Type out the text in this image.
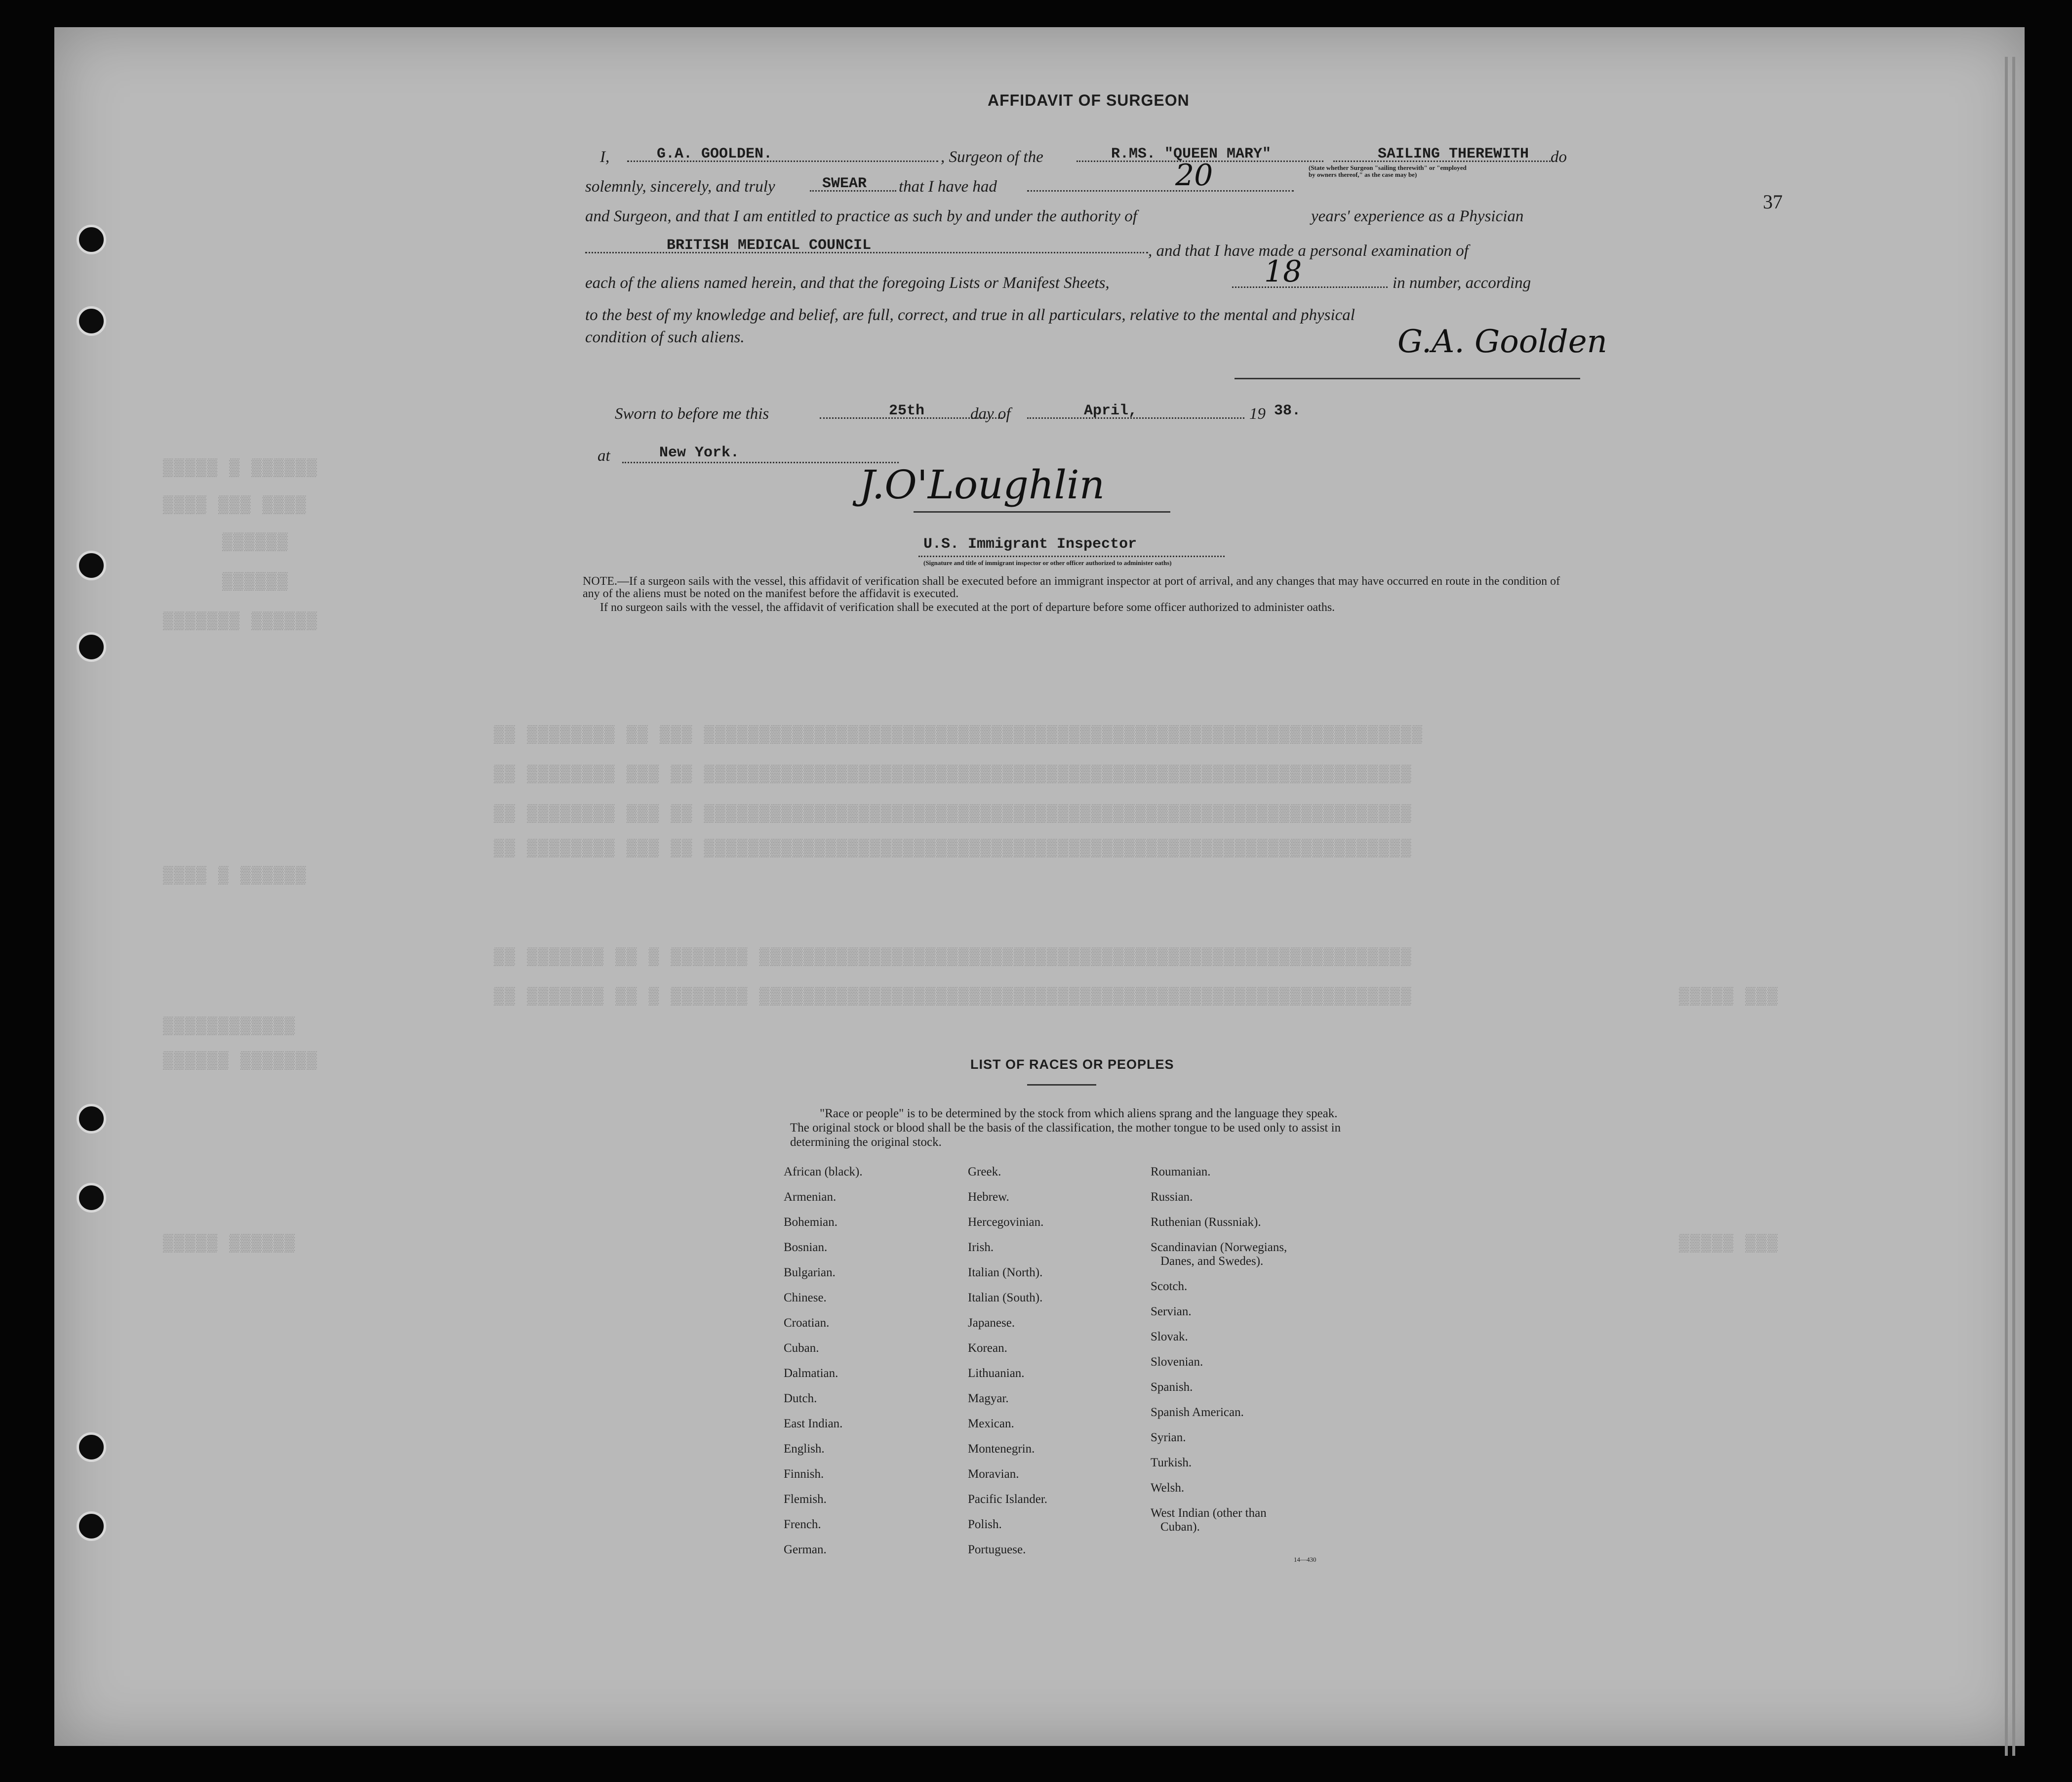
▒▒▒▒▒ ▒ ▒▒▒▒▒▒
▒▒▒▒ ▒▒▒ ▒▒▒▒
▒▒▒▒▒▒
▒▒▒▒▒▒
▒▒▒▒▒▒▒ ▒▒▒▒▒▒
▒▒ ▒▒▒▒▒▒▒▒ ▒▒ ▒▒▒ ▒▒▒▒▒▒▒▒▒▒▒▒▒▒▒▒▒▒▒▒▒▒▒▒▒▒▒▒▒▒▒▒▒▒▒▒▒▒▒▒▒▒▒▒▒▒▒▒▒▒▒▒▒▒▒▒▒▒▒▒▒▒▒▒▒
▒▒ ▒▒▒▒▒▒▒▒ ▒▒▒ ▒▒ ▒▒▒▒▒▒▒▒▒▒▒▒▒▒▒▒▒▒▒▒▒▒▒▒▒▒▒▒▒▒▒▒▒▒▒▒▒▒▒▒▒▒▒▒▒▒▒▒▒▒▒▒▒▒▒▒▒▒▒▒▒▒▒▒
▒▒ ▒▒▒▒▒▒▒▒ ▒▒▒ ▒▒ ▒▒▒▒▒▒▒▒▒▒▒▒▒▒▒▒▒▒▒▒▒▒▒▒▒▒▒▒▒▒▒▒▒▒▒▒▒▒▒▒▒▒▒▒▒▒▒▒▒▒▒▒▒▒▒▒▒▒▒▒▒▒▒▒
▒▒ ▒▒▒▒▒▒▒▒ ▒▒▒ ▒▒ ▒▒▒▒▒▒▒▒▒▒▒▒▒▒▒▒▒▒▒▒▒▒▒▒▒▒▒▒▒▒▒▒▒▒▒▒▒▒▒▒▒▒▒▒▒▒▒▒▒▒▒▒▒▒▒▒▒▒▒▒▒▒▒▒
▒▒▒▒ ▒ ▒▒▒▒▒▒
▒▒ ▒▒▒▒▒▒▒ ▒▒ ▒ ▒▒▒▒▒▒▒ ▒▒▒▒▒▒▒▒▒▒▒▒▒▒▒▒▒▒▒▒▒▒▒▒▒▒▒▒▒▒▒▒▒▒▒▒▒▒▒▒▒▒▒▒▒▒▒▒▒▒▒▒▒▒▒▒▒▒▒
▒▒ ▒▒▒▒▒▒▒ ▒▒ ▒ ▒▒▒▒▒▒▒ ▒▒▒▒▒▒▒▒▒▒▒▒▒▒▒▒▒▒▒▒▒▒▒▒▒▒▒▒▒▒▒▒▒▒▒▒▒▒▒▒▒▒▒▒▒▒▒▒▒▒▒▒▒▒▒▒▒▒▒
▒▒▒▒▒▒▒▒▒▒▒▒
▒▒▒▒▒▒ ▒▒▒▒▒▒▒
▒▒▒▒▒ ▒▒▒▒▒▒
▒▒▒▒▒ ▒▒▒
▒▒▒▒▒ ▒▒▒
37
AFFIDAVIT OF SURGEON
I,	G.A. GOOLDEN.	, Surgeon of the	R.MS. "QUEEN MARY"	SAILING THEREWITH do
(State whether Surgeon "sailing therewith" or "employed by owners thereof," as the case may be)
solemnly, sincerely, and truly	SWEAR that I have had	20
and Surgeon, and that I am entitled to practice as such by and under the authority of	years' experience as a Physician
BRITISH MEDICAL COUNCIL	, and that I have made a personal examination of
each of the aliens named herein, and that the foregoing Lists or Manifest Sheets,	18	in number, according
to the best of my knowledge and belief, are full, correct, and true in all particulars, relative to the mental and physical
condition of such aliens.	G.A. Goolden
Sworn to before me this	25th	day of	April,	19 38.
at	New York.
J.O'Loughlin
U.S. Immigrant Inspector
(Signature and title of immigrant inspector or other officer authorized to administer oaths)
NOTE.—If a surgeon sails with the vessel, this affidavit of verification shall be executed before an immigrant inspector at port of arrival, and any changes that may have occurred en route in the condition of any of the aliens must be noted on the manifest before the affidavit is executed.
If no surgeon sails with the vessel, the affidavit of verification shall be executed at the port of departure before some officer authorized to administer oaths.
LIST OF RACES OR PEOPLES
"Race or people" is to be determined by the stock from which aliens sprang and the language they speak. The original stock or blood shall be the basis of the classification, the mother tongue to be used only to assist in determining the original stock.
African (black).
Armenian.
Bohemian.
Bosnian.
Bulgarian.
Chinese.
Croatian.
Cuban.
Dalmatian.
Dutch.
East Indian.
English.
Finnish.
Flemish.
French.
German.
Greek.
Hebrew.
Hercegovinian.
Irish.
Italian (North).
Italian (South).
Japanese.
Korean.
Lithuanian.
Magyar.
Mexican.
Montenegrin.
Moravian.
Pacific Islander.
Polish.
Portuguese.
Roumanian.
Russian.
Ruthenian (Russniak).
Scandinavian (Norwegians,
Danes, and Swedes).
Scotch.
Servian.
Slovak.
Slovenian.
Spanish.
Spanish American.
Syrian.
Turkish.
Welsh.
West Indian (other than
Cuban).
14—430
